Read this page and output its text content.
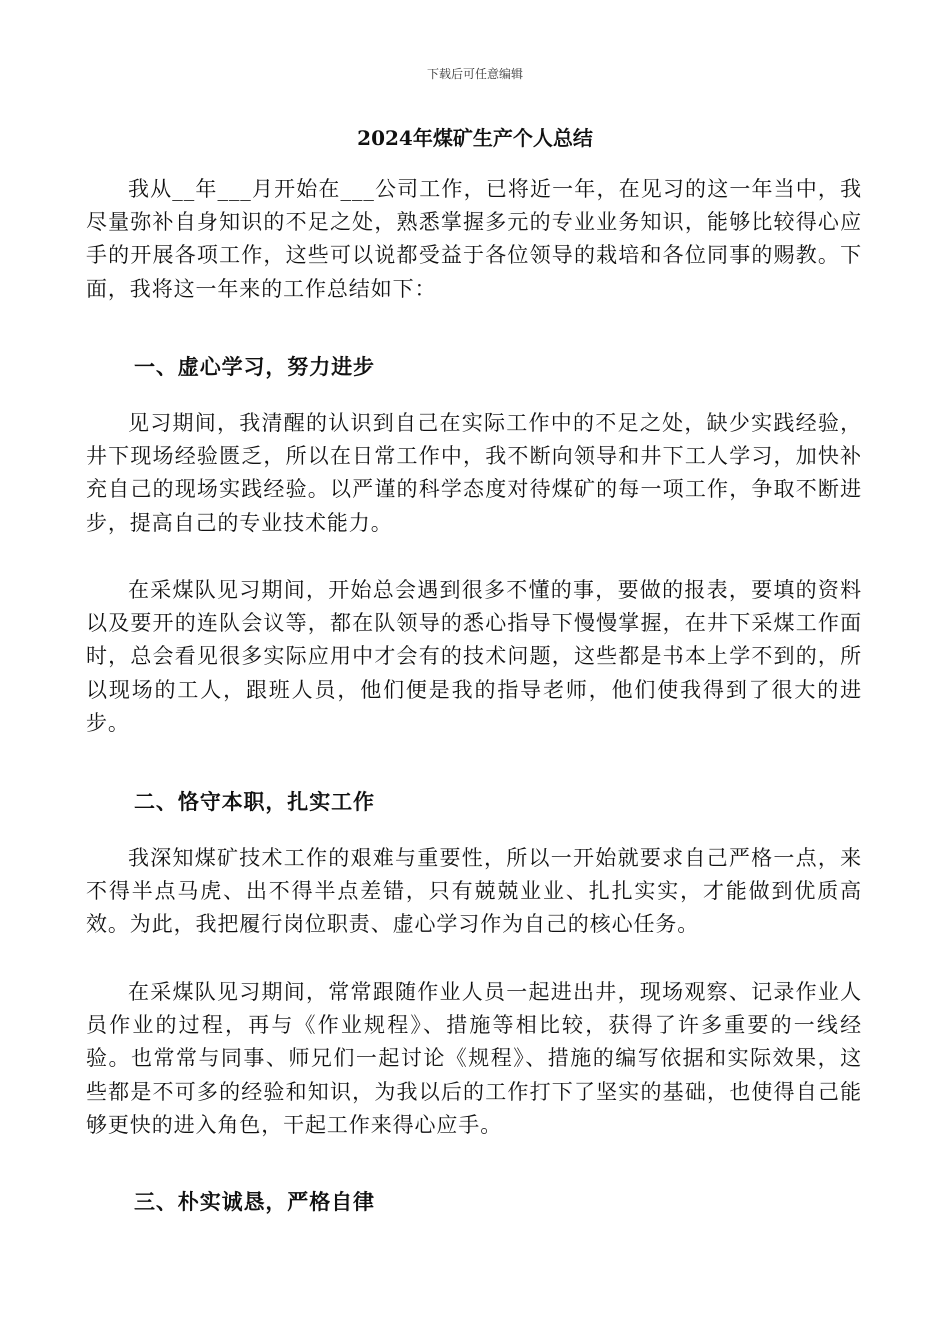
下载后可任意编辑
2024年煤矿生产个人总结

我从__年___月开始在___公司工作，已将近一年，在见习的这一年当中，我尽量弥补自身知识的不足之处，熟悉掌握多元的专业业务知识，能够比较得心应手的开展各项工作，这些可以说都受益于各位领导的栽培和各位同事的赐教。下面，我将这一年来的工作总结如下：

一、虚心学习，努力进步

见习期间，我清醒的认识到自己在实际工作中的不足之处，缺少实践经验，井下现场经验匮乏，所以在日常工作中，我不断向领导和井下工人学习，加快补充自己的现场实践经验。以严谨的科学态度对待煤矿的每一项工作，争取不断进步，提高自己的专业技术能力。

在采煤队见习期间，开始总会遇到很多不懂的事，要做的报表，要填的资料以及要开的连队会议等，都在队领导的悉心指导下慢慢掌握，在井下采煤工作面时，总会看见很多实际应用中才会有的技术问题，这些都是书本上学不到的，所以现场的工人，跟班人员，他们便是我的指导老师，他们使我得到了很大的进步。

二、恪守本职，扎实工作

我深知煤矿技术工作的艰难与重要性，所以一开始就要求自己严格一点，来不得半点马虎、出不得半点差错，只有兢兢业业、扎扎实实，才能做到优质高效。为此，我把履行岗位职责、虚心学习作为自己的核心任务。

在采煤队见习期间，常常跟随作业人员一起进出井，现场观察、记录作业人员作业的过程，再与《作业规程》、措施等相比较，获得了许多重要的一线经验。也常常与同事、师兄们一起讨论《规程》、措施的编写依据和实际效果，这些都是不可多的经验和知识，为我以后的工作打下了坚实的基础，也使得自己能够更快的进入角色，干起工作来得心应手。

三、朴实诚恳，严格自律
